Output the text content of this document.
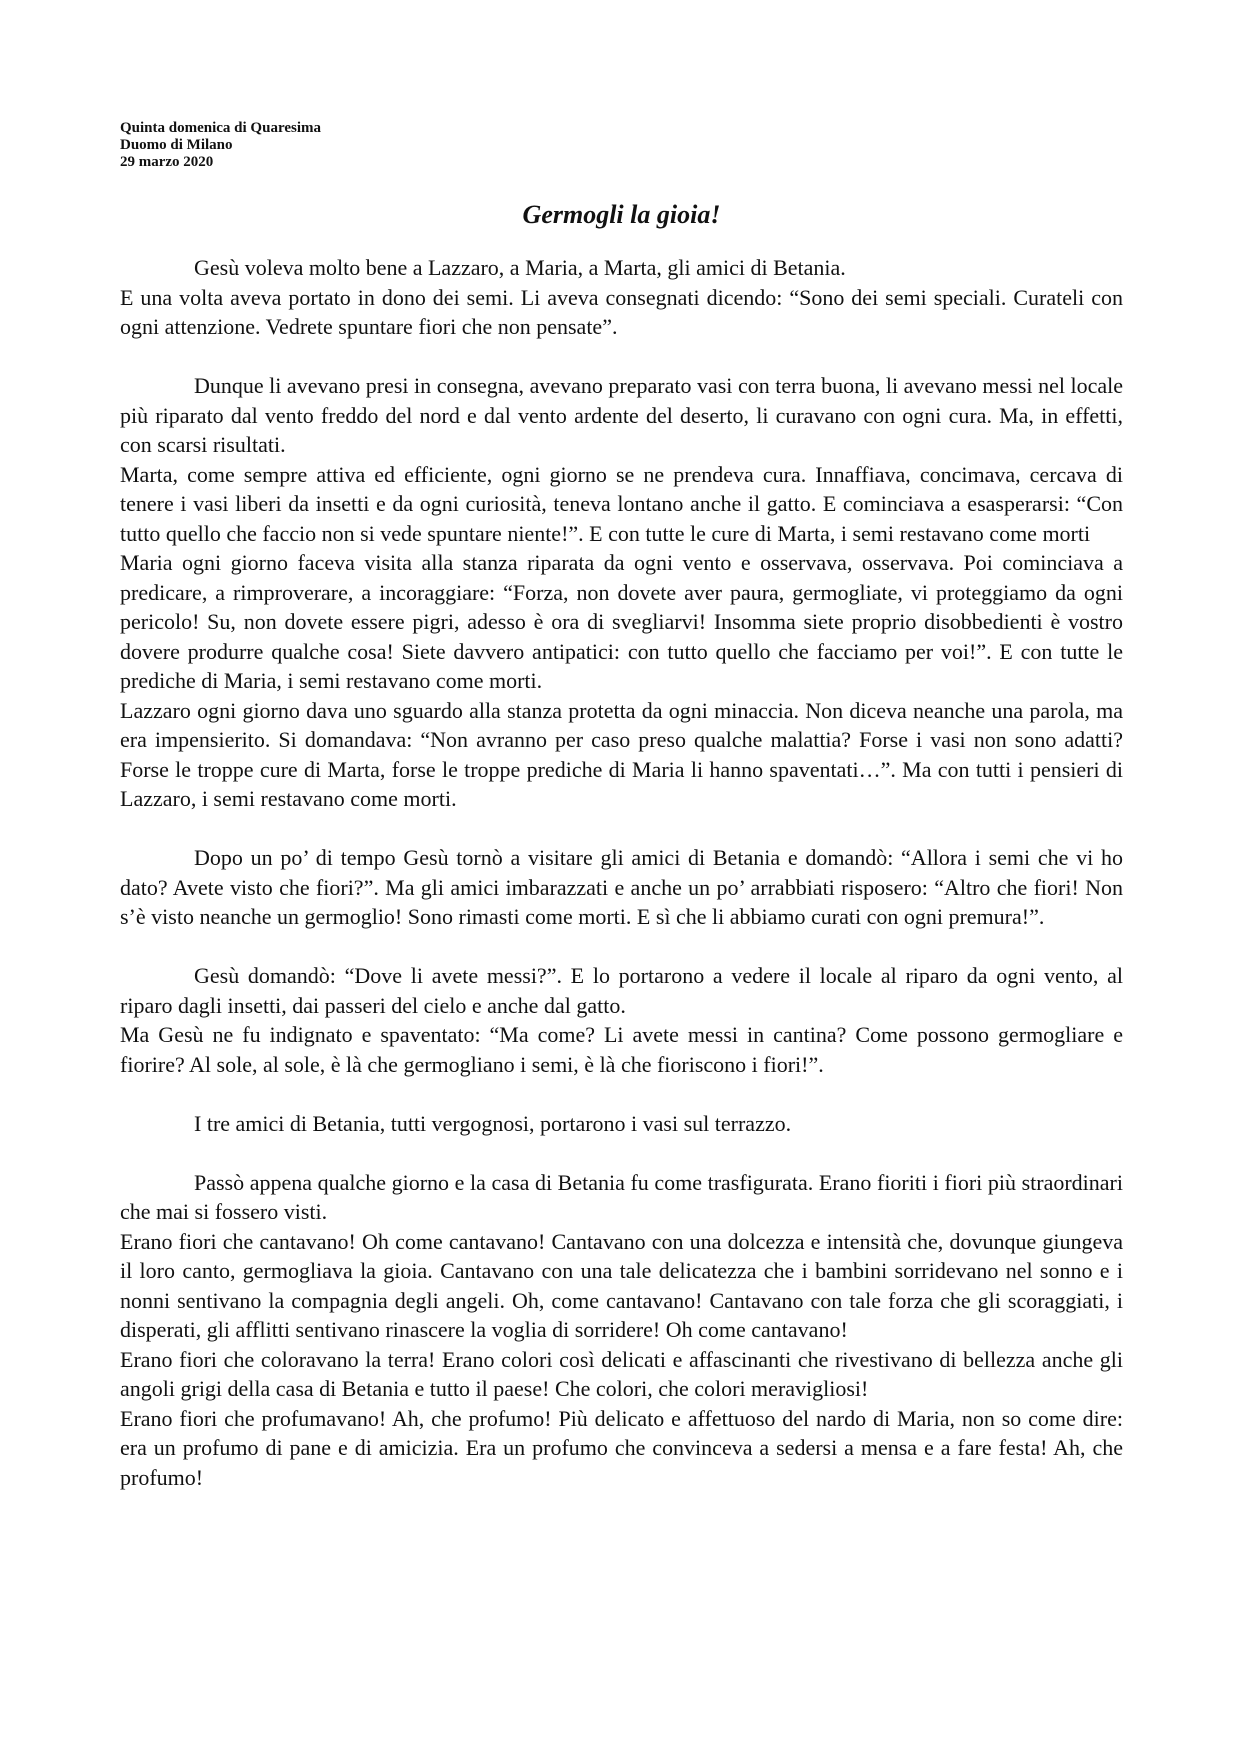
Quinta domenica di Quaresima
Duomo di Milano
29 marzo 2020
Germogli la gioia!

Gesù voleva molto bene a Lazzaro, a Maria, a Marta, gli amici di Betania.

E una volta aveva portato in dono dei semi. Li aveva consegnati dicendo: “Sono dei semi speciali. Curateli con ogni attenzione. Vedrete spuntare fiori che non pensate”.

Dunque li avevano presi in consegna, avevano preparato vasi con terra buona, li avevano messi nel locale più riparato dal vento freddo del nord e dal vento ardente del deserto, li curavano con ogni cura. Ma, in effetti, con scarsi risultati.

Marta, come sempre attiva ed efficiente, ogni giorno se ne prendeva cura. Innaffiava, concimava, cercava di tenere i vasi liberi da insetti e da ogni curiosità, teneva lontano anche il gatto. E cominciava a esasperarsi: “Con tutto quello che faccio non si vede spuntare niente!”. E con tutte le cure di Marta, i semi restavano come morti

Maria ogni giorno faceva visita alla stanza riparata da ogni vento e osservava, osservava. Poi cominciava a predicare, a rimproverare, a incoraggiare: “Forza, non dovete aver paura, germogliate, vi proteggiamo da ogni pericolo! Su, non dovete essere pigri, adesso è ora di svegliarvi! Insomma siete proprio disobbedienti è vostro dovere produrre qualche cosa! Siete davvero antipatici: con tutto quello che facciamo per voi!”. E con tutte le prediche di Maria, i semi restavano come morti.

Lazzaro ogni giorno dava uno sguardo alla stanza protetta da ogni minaccia. Non diceva neanche una parola, ma era impensierito. Si domandava: “Non avranno per caso preso qualche malattia? Forse i vasi non sono adatti? Forse le troppe cure di Marta, forse le troppe prediche di Maria li hanno spaventati…”. Ma con tutti i pensieri di Lazzaro, i semi restavano come morti.

Dopo un po’ di tempo Gesù tornò a visitare gli amici di Betania e domandò: “Allora i semi che vi ho dato? Avete visto che fiori?”. Ma gli amici imbarazzati e anche un po’ arrabbiati risposero: “Altro che fiori! Non s’è visto neanche un germoglio! Sono rimasti come morti. E sì che li abbiamo curati con ogni premura!”.

Gesù domandò: “Dove li avete messi?”. E lo portarono a vedere il locale al riparo da ogni vento, al riparo dagli insetti, dai passeri del cielo e anche dal gatto.

Ma Gesù ne fu indignato e spaventato: “Ma come? Li avete messi in cantina? Come possono germogliare e fiorire? Al sole, al sole, è là che germogliano i semi, è là che fioriscono i fiori!”.

I tre amici di Betania, tutti vergognosi, portarono i vasi sul terrazzo.

Passò appena qualche giorno e la casa di Betania fu come trasfigurata. Erano fioriti i fiori più straordinari che mai si fossero visti.

Erano fiori che cantavano! Oh come cantavano! Cantavano con una dolcezza e intensità che, dovunque giungeva il loro canto, germogliava la gioia. Cantavano con una tale delicatezza che i bambini sorridevano nel sonno e i nonni sentivano la compagnia degli angeli. Oh, come cantavano! Cantavano con tale forza che gli scoraggiati, i disperati, gli afflitti sentivano rinascere la voglia di sorridere! Oh come cantavano!

Erano fiori che coloravano la terra! Erano colori così delicati e affascinanti che rivestivano di bellezza anche gli angoli grigi della casa di Betania e tutto il paese! Che colori, che colori meravigliosi!

Erano fiori che profumavano! Ah, che profumo! Più delicato e affettuoso del nardo di Maria, non so come dire: era un profumo di pane e di amicizia. Era un profumo che convinceva a sedersi a mensa e a fare festa! Ah, che profumo!
